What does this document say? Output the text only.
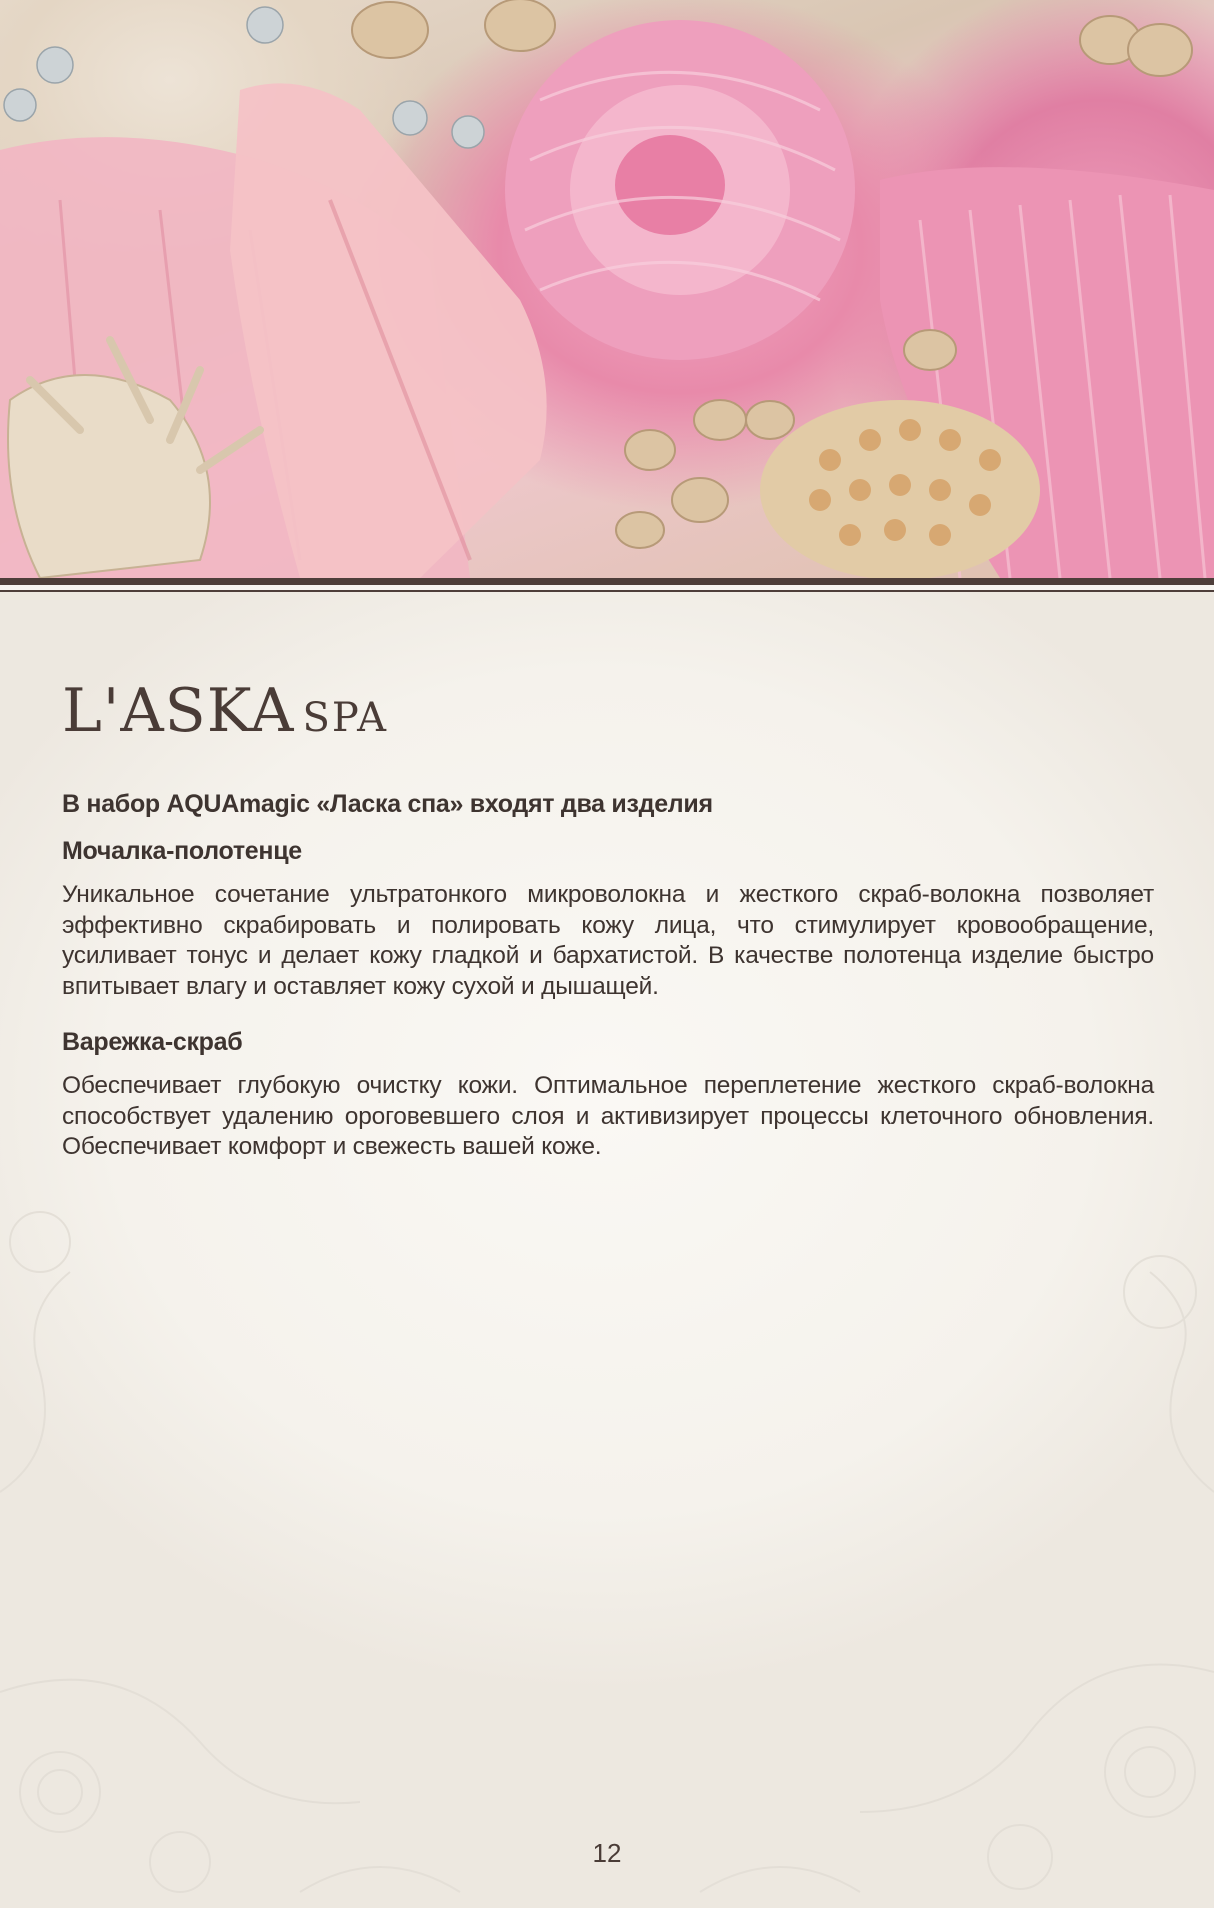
L'ASKA SPA
В набор AQUAmagic «Ласка спа» входят два изделия
Мочалка-полотенце

Уникальное сочетание ультратонкого микроволокна и жесткого скраб-волокна позволяет эффективно скрабировать и полировать кожу лица, что стимулирует кровообращение, усиливает тонус и делает кожу гладкой и бархатистой. В качестве полотенца изделие быстро впитывает влагу и оставляет кожу сухой и дышащей.

Варежка-скраб

Обеспечивает глубокую очистку кожи. Оптимальное переплетение жесткого скраб-волокна способствует удалению ороговевшего слоя и активизирует процессы клеточного обновления. Обеспечивает комфорт и свежесть вашей коже.

12
